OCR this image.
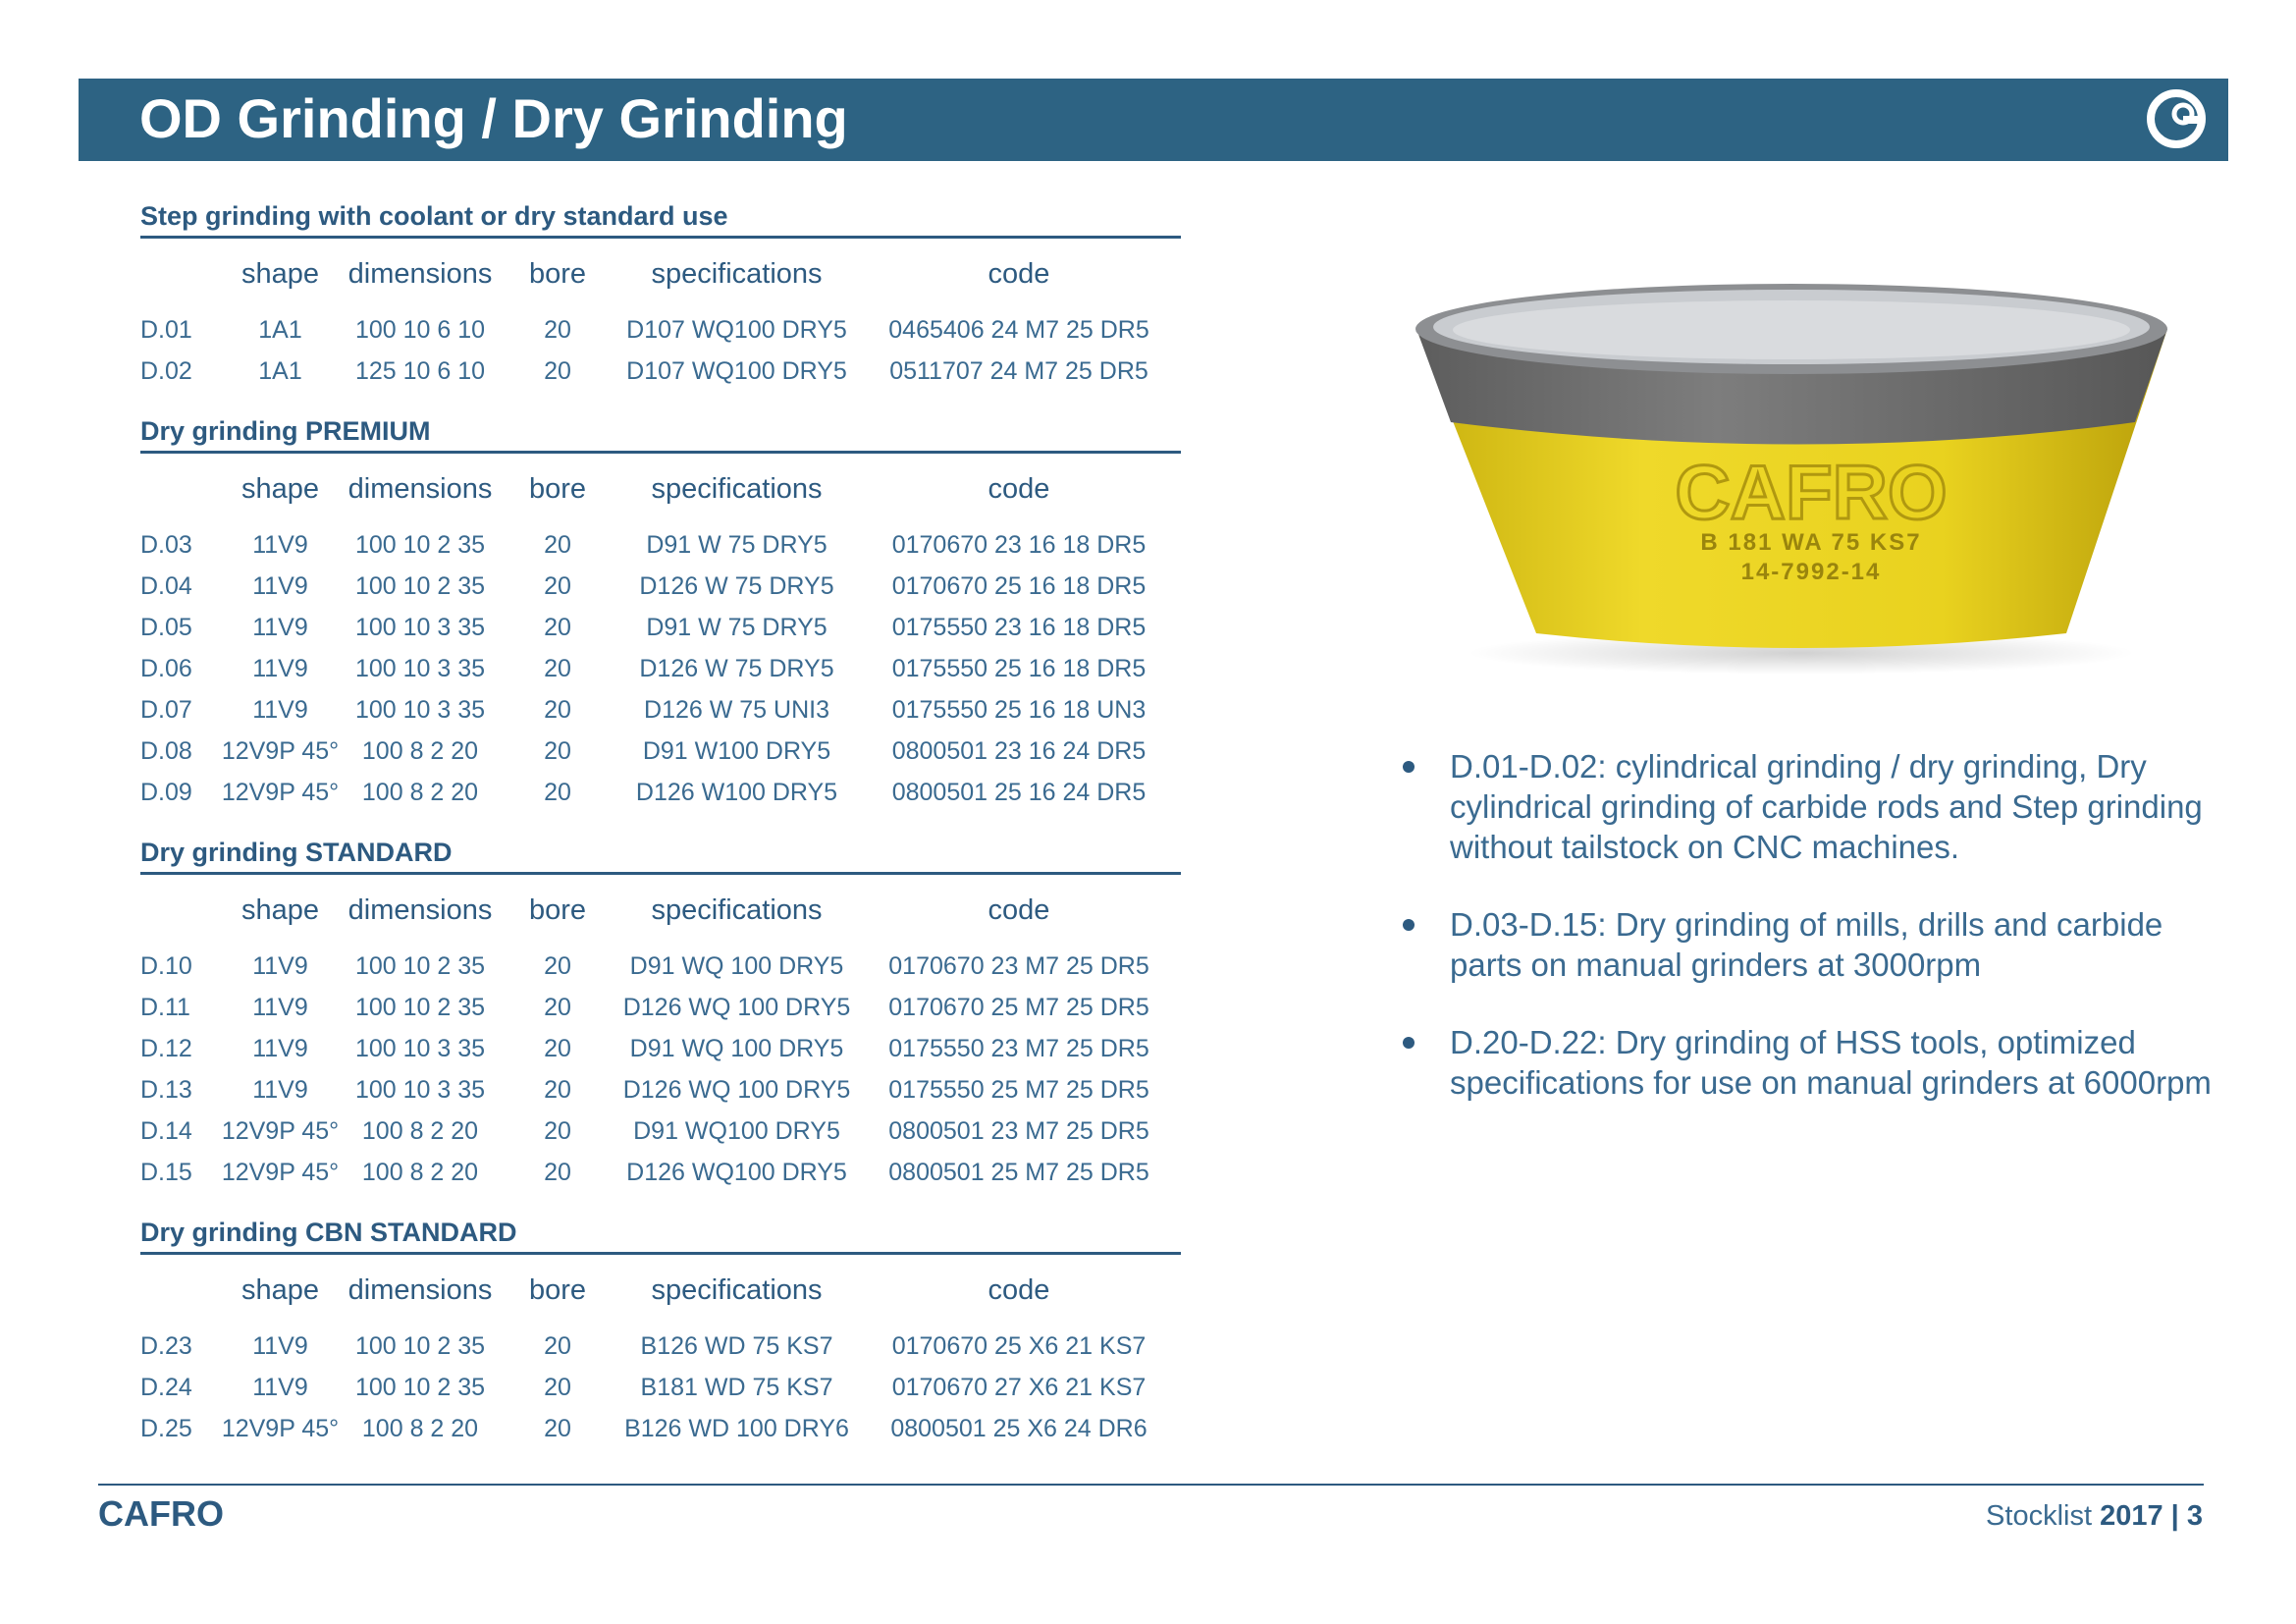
OD Grinding / Dry Grinding
Step grinding with coolant or dry standard use
	shape	dimensions	bore	specifications	code
D.01	1A1	100 10 6 10	20	D107 WQ100 DRY5	0465406 24 M7 25 DR5
D.02	1A1	125 10 6 10	20	D107 WQ100 DRY5	0511707 24 M7 25 DR5
Dry grinding PREMIUM
	shape	dimensions	bore	specifications	code
D.03	11V9	100 10 2 35	20	D91 W 75 DRY5	0170670 23 16 18 DR5
D.04	11V9	100 10 2 35	20	D126 W 75 DRY5	0170670 25 16 18 DR5
D.05	11V9	100 10 3 35	20	D91 W 75 DRY5	0175550 23 16 18 DR5
D.06	11V9	100 10 3 35	20	D126 W 75 DRY5	0175550 25 16 18 DR5
D.07	11V9	100 10 3 35	20	D126 W 75 UNI3	0175550 25 16 18 UN3
D.08	12V9P 45°	100 8 2 20	20	D91 W100 DRY5	0800501 23 16 24 DR5
D.09	12V9P 45°	100 8 2 20	20	D126 W100 DRY5	0800501 25 16 24 DR5
Dry grinding STANDARD
	shape	dimensions	bore	specifications	code
D.10	11V9	100 10 2 35	20	D91 WQ 100 DRY5	0170670 23 M7 25 DR5
D.11	11V9	100 10 2 35	20	D126 WQ 100 DRY5	0170670 25 M7 25 DR5
D.12	11V9	100 10 3 35	20	D91 WQ 100 DRY5	0175550 23 M7 25 DR5
D.13	11V9	100 10 3 35	20	D126 WQ 100 DRY5	0175550 25 M7 25 DR5
D.14	12V9P 45°	100 8 2 20	20	D91 WQ100 DRY5	0800501 23 M7 25 DR5
D.15	12V9P 45°	100 8 2 20	20	D126 WQ100 DRY5	0800501 25 M7 25 DR5
Dry grinding CBN STANDARD
	shape	dimensions	bore	specifications	code
D.23	11V9	100 10 2 35	20	B126 WD 75 KS7	0170670 25 X6 21 KS7
D.24	11V9	100 10 2 35	20	B181 WD 75 KS7	0170670 27 X6 21 KS7
D.25	12V9P 45°	100 8 2 20	20	B126 WD 100 DRY6	0800501 25 X6 24 DR6
CAFRO
B 181 WA 75 KS7
14-7992-14
D.01-D.02: cylindrical grinding / dry grinding, Dry cylindrical grinding of carbide rods and Step grinding without tailstock on CNC machines.
D.03-D.15: Dry grinding of mills, drills and carbide parts on manual grinders at 3000rpm
D.20-D.22: Dry grinding of HSS tools, optimized specifications for use on manual grinders at 6000rpm
CAFRO	Stocklist 2017 | 3
